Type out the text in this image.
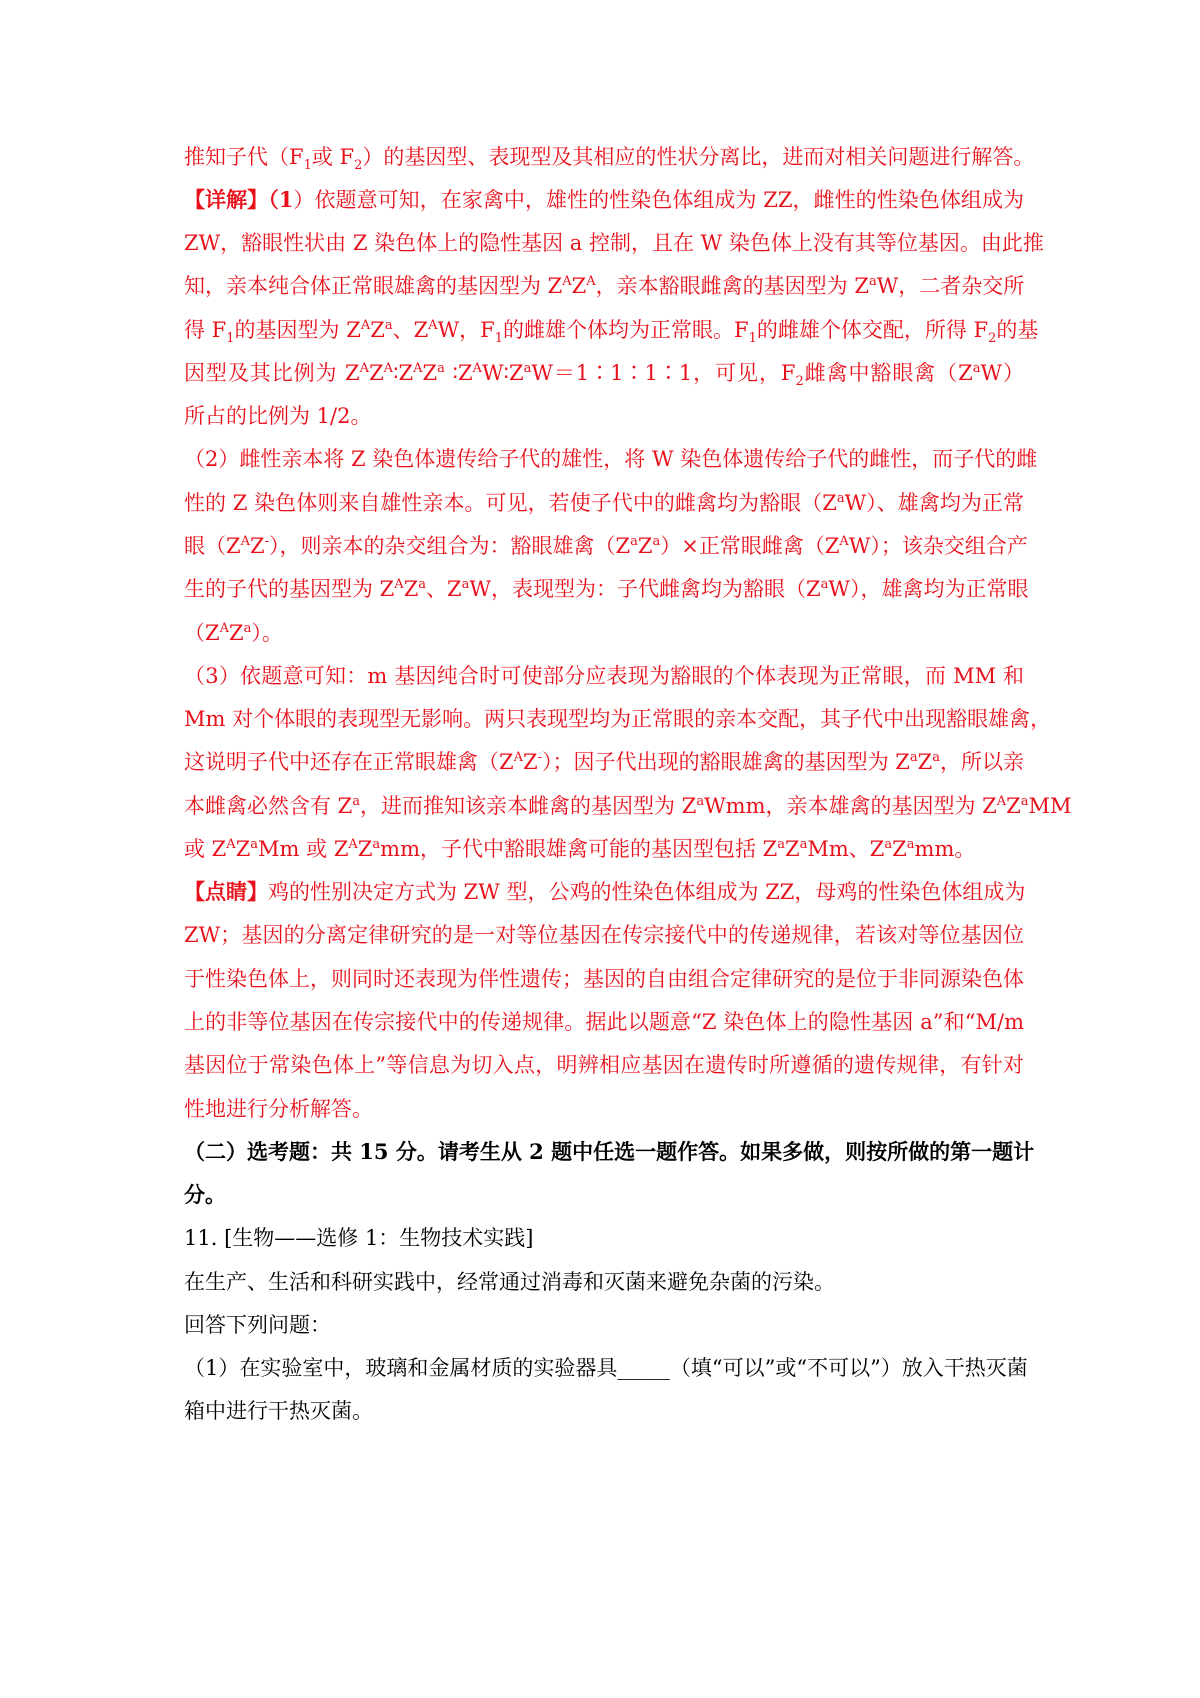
推知子代（$F_1$或 $F_2$）的基因型、表现型及其相应的性状分离比，进而对相关问题进行解答。
【详解】（1）依题意可知，在家禽中，雄性的性染色体组成为 ZZ，雌性的性染色体组成为
ZW，豁眼性状由 Z 染色体上的隐性基因 a 控制，且在 W 染色体上没有其等位基因。由此推
知，亲本纯合体正常眼雄禽的基因型为 $Z^AZ^A$，亲本豁眼雌禽的基因型为 $Z^aW$，二者杂交所
得 $F_1$的基因型为 $Z^AZ^a$、$Z^AW$，$F_1$的雌雄个体均为正常眼。$F_1$的雌雄个体交配，所得 $F_2$的基
因型及其比例为 $Z^AZ^A∶Z^AZ^a$ $∶Z^AW∶Z^aW=1∶1∶1∶1$，可见，$F_2$雌禽中豁眼禽$(Z^aW)$
所占的比例为 1/2。
（2）雌性亲本将 Z 染色体遗传给子代的雄性，将 W 染色体遗传给子代的雌性，而子代的雌
性的 Z 染色体则来自雄性亲本。可见，若使子代中的雌禽均为豁眼$(Z^aW)$、雄禽均为正常
眼$(Z^AZ^-)$，则亲本的杂交组合为：豁眼雄禽$(Z^aZ^a)\times$正常眼雌禽$(Z^AW)$；该杂交组合产
生的子代的基因型为 $Z^AZ^a$、$Z^aW$，表现型为：子代雌禽均为豁眼$(Z^aW)$，雄禽均为正常眼
$(Z^AZ^a)$。
（3）依题意可知：m 基因纯合时可使部分应表现为豁眼的个体表现为正常眼，而 MM 和
Mm 对个体眼的表现型无影响。两只表现型均为正常眼的亲本交配，其子代中出现豁眼雄禽，
这说明子代中还存在正常眼雄禽$(Z^AZ^-)$；因子代出现的豁眼雄禽的基因型为 $Z^aZ^a$，所以亲
本雌禽必然含有 $Z^a$，进而推知该亲本雌禽的基因型为 $Z^aWmm$，亲本雄禽的基因型为 $Z^AZ^aMM$
或 $Z^AZ^aMm$ 或 $Z^AZ^amm$，子代中豁眼雄禽可能的基因型包括 $Z^aZ^aMm$、$Z^aZ^amm$。
【点睛】鸡的性别决定方式为 ZW 型，公鸡的性染色体组成为 ZZ，母鸡的性染色体组成为
ZW；基因的分离定律研究的是一对等位基因在传宗接代中的传递规律，若该对等位基因位
于性染色体上，则同时还表现为伴性遗传；基因的自由组合定律研究的是位于非同源染色体
上的非等位基因在传宗接代中的传递规律。据此以题意“Z 染色体上的隐性基因 a”和“M/m
基因位于常染色体上”等信息为切入点，明辨相应基因在遗传时所遵循的遗传规律，有针对
性地进行分析解答。
（二）选考题：共 15 分。请考生从 2 题中任选一题作答。如果多做，则按所做的第一题计
分。
11. [生物——选修 1：生物技术实践]
在生产、生活和科研实践中，经常通过消毒和灭菌来避免杂菌的污染。
回答下列问题：
（1）在实验室中，玻璃和金属材质的实验器具_____（填“可以”或“不可以”）放入干热灭菌
箱中进行干热灭菌。
